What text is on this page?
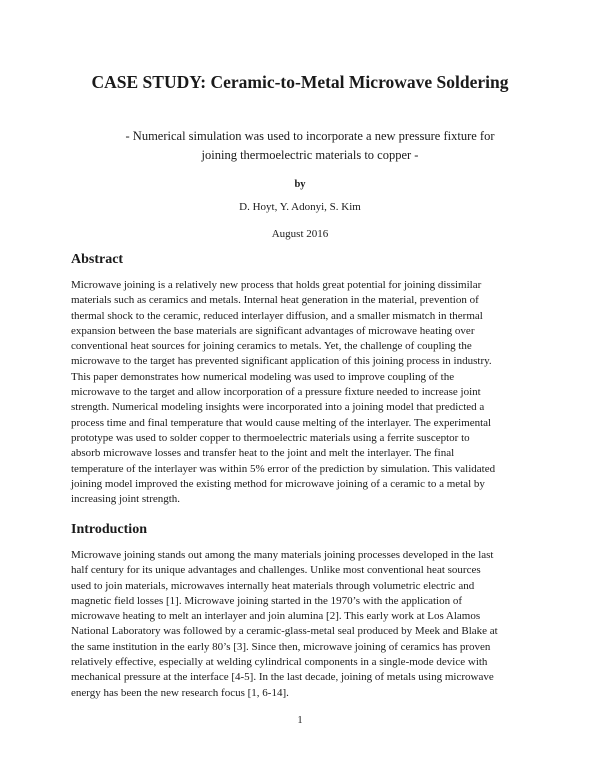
CASE STUDY: Ceramic-to-Metal Microwave Soldering
- Numerical simulation was used to incorporate a new pressure fixture for
joining thermoelectric materials to copper -
by
D. Hoyt, Y. Adonyi, S. Kim
August 2016
Abstract
Microwave joining is a relatively new process that holds great potential for joining dissimilar
materials such as ceramics and metals. Internal heat generation in the material, prevention of
thermal shock to the ceramic, reduced interlayer diffusion, and a smaller mismatch in thermal
expansion between the base materials are significant advantages of microwave heating over
conventional heat sources for joining ceramics to metals. Yet, the challenge of coupling the
microwave to the target has prevented significant application of this joining process in industry.
This paper demonstrates how numerical modeling was used to improve coupling of the
microwave to the target and allow incorporation of a pressure fixture needed to increase joint
strength. Numerical modeling insights were incorporated into a joining model that predicted a
process time and final temperature that would cause melting of the interlayer. The experimental
prototype was used to solder copper to thermoelectric materials using a ferrite susceptor to
absorb microwave losses and transfer heat to the joint and melt the interlayer. The final
temperature of the interlayer was within 5% error of the prediction by simulation. This validated
joining model improved the existing method for microwave joining of a ceramic to a metal by
increasing joint strength.
Introduction
Microwave joining stands out among the many materials joining processes developed in the last
half century for its unique advantages and challenges. Unlike most conventional heat sources
used to join materials, microwaves internally heat materials through volumetric electric and
magnetic field losses [1]. Microwave joining started in the 1970’s with the application of
microwave heating to melt an interlayer and join alumina [2]. This early work at Los Alamos
National Laboratory was followed by a ceramic-glass-metal seal produced by Meek and Blake at
the same institution in the early 80’s [3]. Since then, microwave joining of ceramics has proven
relatively effective, especially at welding cylindrical components in a single-mode device with
mechanical pressure at the interface [4-5]. In the last decade, joining of metals using microwave
energy has been the new research focus [1, 6-14].
1
